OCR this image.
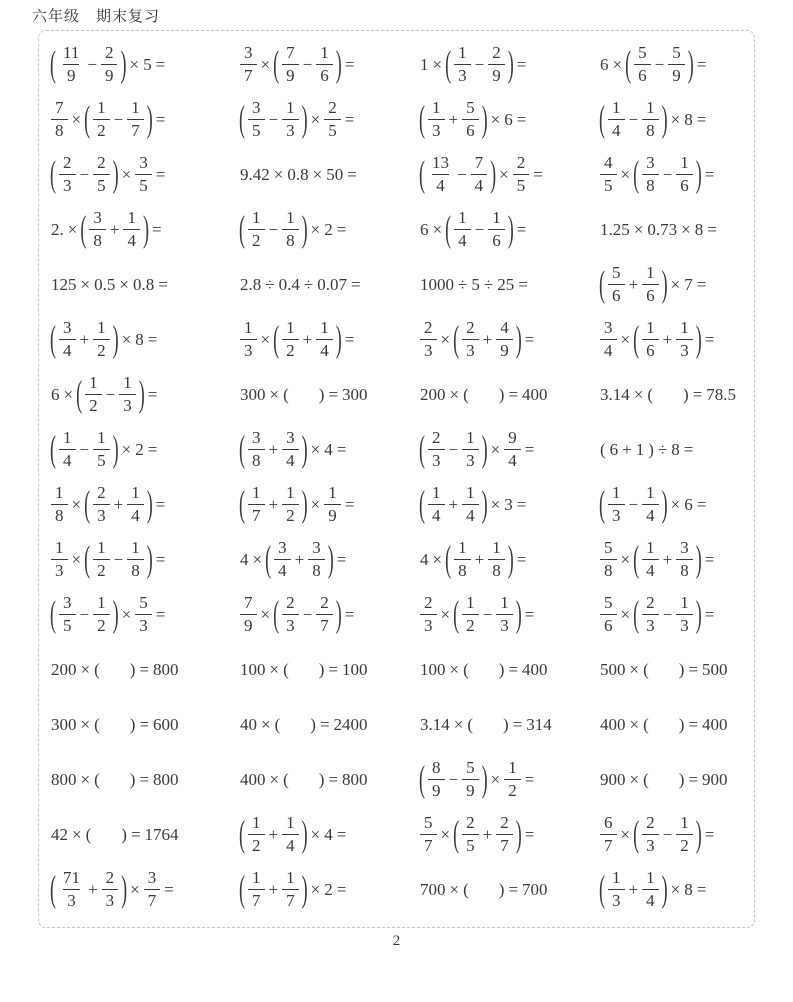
六年级　期末复习
( $\frac{11}{9} - \frac{2}{9}$ ) × 5 =	$\frac{3}{7}$ × ( $\frac{7}{9} - \frac{1}{6}$ ) =	1 × ( $\frac{1}{3} - \frac{2}{9}$ ) =	6 × ( $\frac{5}{6} - \frac{5}{9}$ ) =
$\frac{7}{8}$ × ( $\frac{1}{2} - \frac{1}{7}$ ) =	( $\frac{3}{5} - \frac{1}{3}$ ) × $\frac{2}{5}$ =	( $\frac{1}{3} + \frac{5}{6}$ ) × 6 =	( $\frac{1}{4} - \frac{1}{8}$ ) × 8 =
( $\frac{2}{3} - \frac{2}{5}$ ) × $\frac{3}{5}$ =	9.42 × 0.8 × 50 =	( $\frac{13}{4} - \frac{7}{4}$ ) × $\frac{2}{5}$ =	$\frac{4}{5}$ × ( $\frac{3}{8} - \frac{1}{6}$ ) =
2. × ( $\frac{3}{8} + \frac{1}{4}$ ) =	( $\frac{1}{2} - \frac{1}{8}$ ) × 2 =	6 × ( $\frac{1}{4} - \frac{1}{6}$ ) =	1.25 × 0.73 × 8 =
125 × 0.5 × 0.8 =	2.8 ÷ 0.4 ÷ 0.07 =	1000 ÷ 5 ÷ 25 =	( $\frac{5}{6} + \frac{1}{6}$ ) × 7 =
( $\frac{3}{4} + \frac{1}{2}$ ) × 8 =	$\frac{1}{3}$ × ( $\frac{1}{2} + \frac{1}{4}$ ) =	$\frac{2}{3}$ × ( $\frac{2}{3} + \frac{4}{9}$ ) =	$\frac{3}{4}$ × ( $\frac{1}{6} + \frac{1}{3}$ ) =
6 × ( $\frac{1}{2} - \frac{1}{3}$ ) =	300 × ( ) = 300	200 × ( ) = 400	3.14 × ( ) = 78.5
( $\frac{1}{4} - \frac{1}{5}$ ) × 2 =	( $\frac{3}{8} + \frac{3}{4}$ ) × 4 =	( $\frac{2}{3} - \frac{1}{3}$ ) × $\frac{9}{4}$ =	( 6 + 1 ) ÷ 8 =
$\frac{1}{8}$ × ( $\frac{2}{3} + \frac{1}{4}$ ) =	( $\frac{1}{7} + \frac{1}{2}$ ) × $\frac{1}{9}$ =	( $\frac{1}{4} + \frac{1}{4}$ ) × 3 =	( $\frac{1}{3} - \frac{1}{4}$ ) × 6 =
$\frac{1}{3}$ × ( $\frac{1}{2} - \frac{1}{8}$ ) =	4 × ( $\frac{3}{4} + \frac{3}{8}$ ) =	4 × ( $\frac{1}{8} + \frac{1}{8}$ ) =	$\frac{5}{8}$ × ( $\frac{1}{4} + \frac{3}{8}$ ) =
( $\frac{3}{5} - \frac{1}{2}$ ) × $\frac{5}{3}$ =	$\frac{7}{9}$ × ( $\frac{2}{3} - \frac{2}{7}$ ) =	$\frac{2}{3}$ × ( $\frac{1}{2} - \frac{1}{3}$ ) =	$\frac{5}{6}$ × ( $\frac{2}{3} - \frac{1}{3}$ ) =
200 × ( ) = 800	100 × ( ) = 100	100 × ( ) = 400	500 × ( ) = 500
300 × ( ) = 600	40 × ( ) = 2400	3.14 × ( ) = 314	400 × ( ) = 400
800 × ( ) = 800	400 × ( ) = 800	( $\frac{8}{9} - \frac{5}{9}$ ) × $\frac{1}{2}$ =	900 × ( ) = 900
42 × ( ) = 1764	( $\frac{1}{2} + \frac{1}{4}$ ) × 4 =	$\frac{5}{7}$ × ( $\frac{2}{5} + \frac{2}{7}$ ) =	$\frac{6}{7}$ × ( $\frac{2}{3} - \frac{1}{2}$ ) =
( $\frac{71}{3} + \frac{2}{3}$ ) × $\frac{3}{7}$ =	( $\frac{1}{7} + \frac{1}{7}$ ) × 2 =	700 × ( ) = 700	( $\frac{1}{3} + \frac{1}{4}$ ) × 8 =
2
